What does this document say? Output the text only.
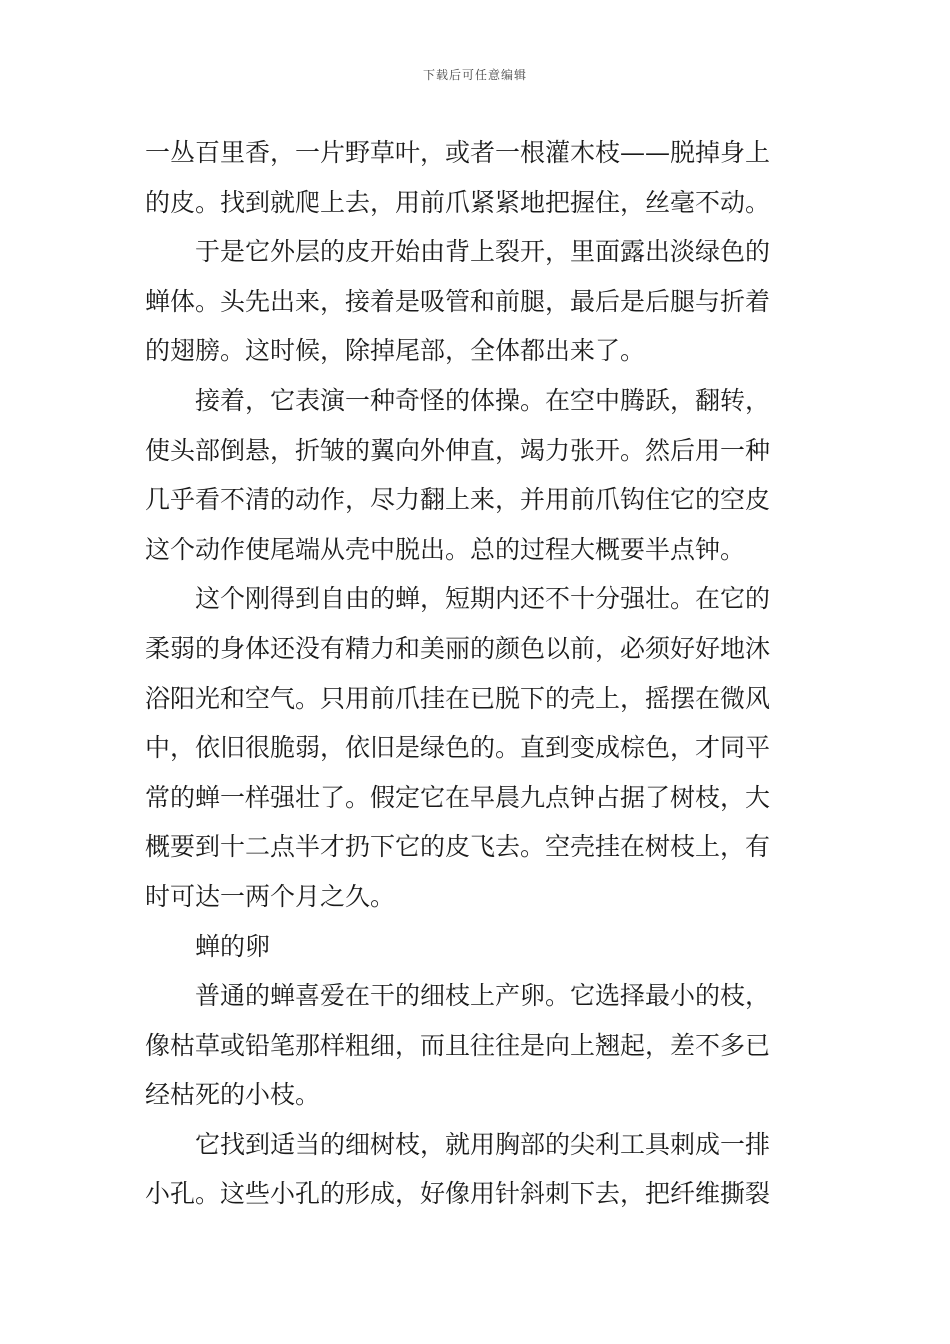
下载后可任意编辑
一丛百里香，一片野草叶，或者一根灌木枝——脱掉身上
的皮。找到就爬上去，用前爪紧紧地把握住，丝毫不动。
于是它外层的皮开始由背上裂开，里面露出淡绿色的
蝉体。头先出来，接着是吸管和前腿，最后是后腿与折着
的翅膀。这时候，除掉尾部，全体都出来了。
接着，它表演一种奇怪的体操。在空中腾跃，翻转，
使头部倒悬，折皱的翼向外伸直，竭力张开。然后用一种
几乎看不清的动作，尽力翻上来，并用前爪钩住它的空皮
这个动作使尾端从壳中脱出。总的过程大概要半点钟。
这个刚得到自由的蝉，短期内还不十分强壮。在它的
柔弱的身体还没有精力和美丽的颜色以前，必须好好地沐
浴阳光和空气。只用前爪挂在已脱下的壳上，摇摆在微风
中，依旧很脆弱，依旧是绿色的。直到变成棕色，才同平
常的蝉一样强壮了。假定它在早晨九点钟占据了树枝，大
概要到十二点半才扔下它的皮飞去。空壳挂在树枝上，有
时可达一两个月之久。
蝉的卵
普通的蝉喜爱在干的细枝上产卵。它选择最小的枝，
像枯草或铅笔那样粗细，而且往往是向上翘起，差不多已
经枯死的小枝。
它找到适当的细树枝，就用胸部的尖利工具刺成一排
小孔。这些小孔的形成，好像用针斜刺下去，把纤维撕裂
